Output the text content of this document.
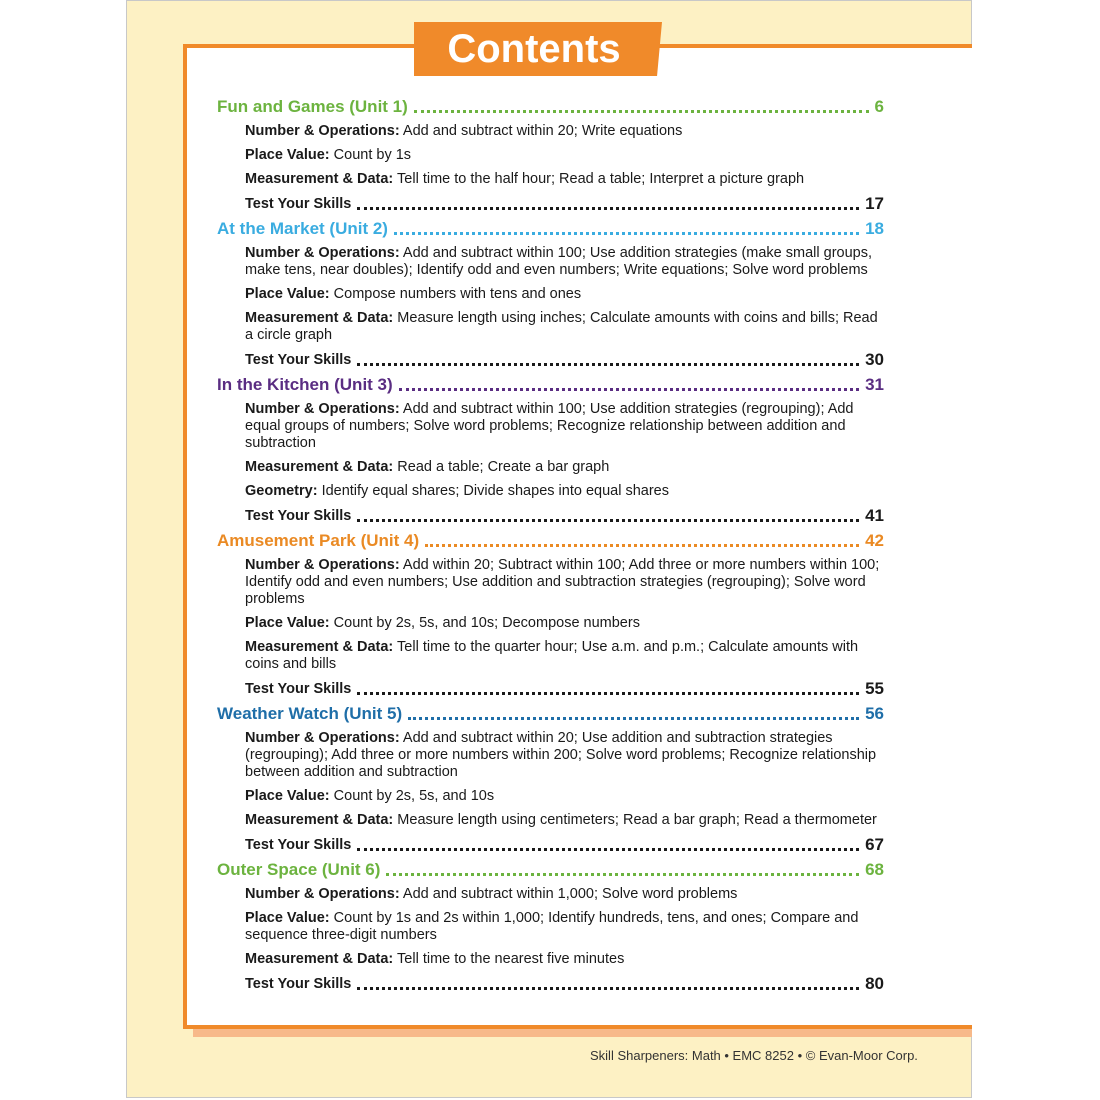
Contents
Fun and Games (Unit 1)	6
Number & Operations: Add and subtract within 20; Write equations
Place Value: Count by 1s
Measurement & Data: Tell time to the half hour; Read a table; Interpret a picture graph
Test Your Skills	17
At the Market (Unit 2)	18
Number & Operations: Add and subtract within 100; Use addition strategies (make small groups, make tens, near doubles); Identify odd and even numbers; Write equations; Solve word problems
Place Value: Compose numbers with tens and ones
Measurement & Data: Measure length using inches; Calculate amounts with coins and bills; Read a circle graph
Test Your Skills	30
In the Kitchen (Unit 3)	31
Number & Operations: Add and subtract within 100; Use addition strategies (regrouping); Add equal groups of numbers; Solve word problems; Recognize relationship between addition and subtraction
Measurement & Data: Read a table; Create a bar graph
Geometry: Identify equal shares; Divide shapes into equal shares
Test Your Skills	41
Amusement Park (Unit 4)	42
Number & Operations: Add within 20; Subtract within 100; Add three or more numbers within 100; Identify odd and even numbers; Use addition and subtraction strategies (regrouping); Solve word problems
Place Value: Count by 2s, 5s, and 10s; Decompose numbers
Measurement & Data: Tell time to the quarter hour; Use a.m. and p.m.; Calculate amounts with coins and bills
Test Your Skills	55
Weather Watch (Unit 5)	56
Number & Operations: Add and subtract within 20; Use addition and subtraction strategies (regrouping); Add three or more numbers within 200; Solve word problems; Recognize relationship between addition and subtraction
Place Value: Count by 2s, 5s, and 10s
Measurement & Data: Measure length using centimeters; Read a bar graph; Read a thermometer
Test Your Skills	67
Outer Space (Unit 6)	68
Number & Operations: Add and subtract within 1,000; Solve word problems
Place Value: Count by 1s and 2s within 1,000; Identify hundreds, tens, and ones; Compare and sequence three-digit numbers
Measurement & Data: Tell time to the nearest five minutes
Test Your Skills	80
Skill Sharpeners: Math • EMC 8252 • © Evan-Moor Corp.
